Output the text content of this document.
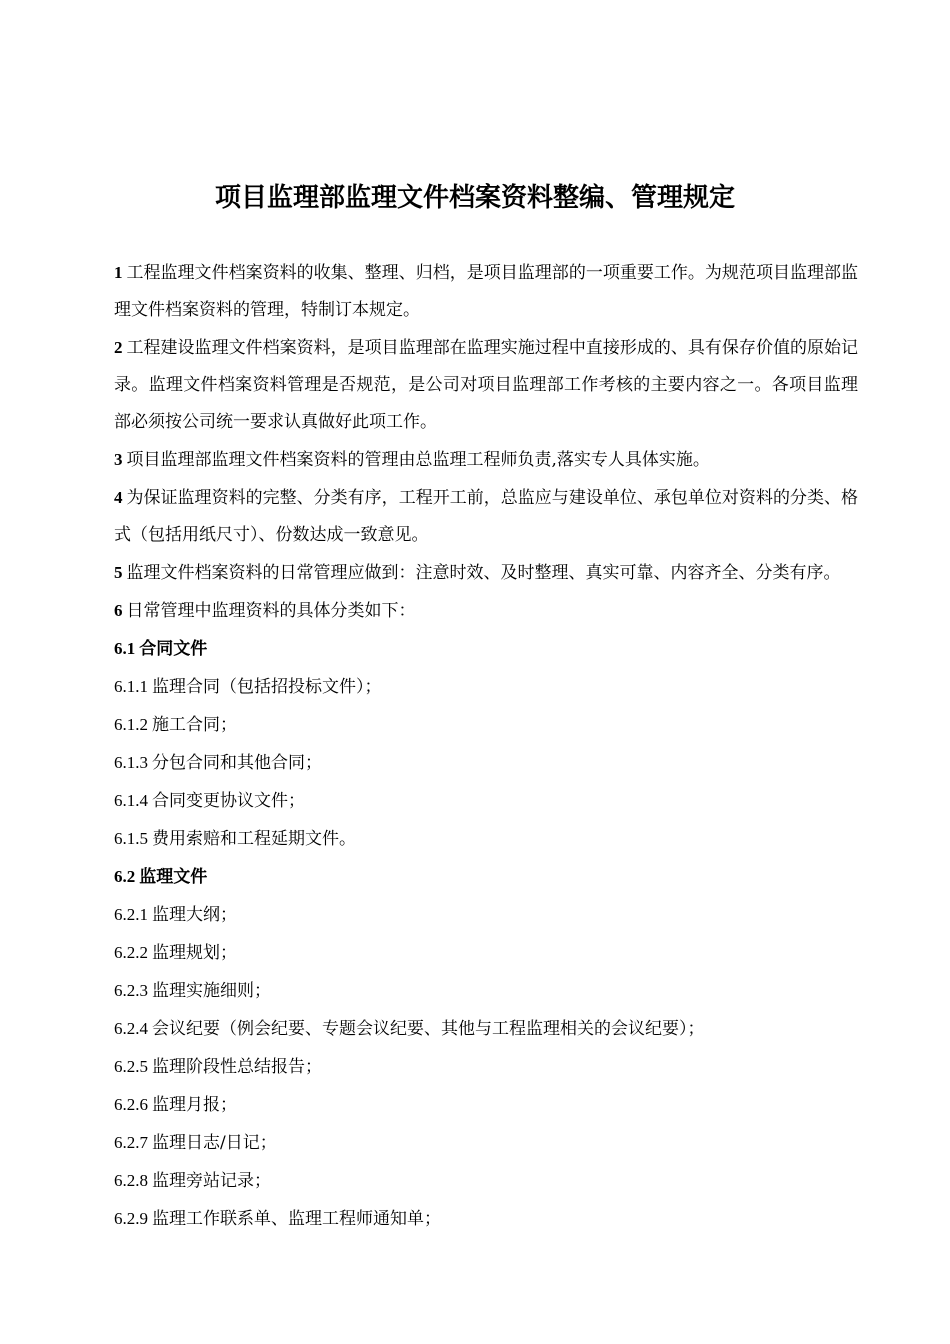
项目监理部监理文件档案资料整编、管理规定

1 工程监理文件档案资料的收集、整理、归档，是项目监理部的一项重要工作。为规范项目监理部监理文件档案资料的管理，特制订本规定。

2 工程建设监理文件档案资料，是项目监理部在监理实施过程中直接形成的、具有保存价值的原始记录。监理文件档案资料管理是否规范，是公司对项目监理部工作考核的主要内容之一。各项目监理部必须按公司统一要求认真做好此项工作。

3 项目监理部监理文件档案资料的管理由总监理工程师负责,落实专人具体实施。

4 为保证监理资料的完整、分类有序，工程开工前，总监应与建设单位、承包单位对资料的分类、格式（包括用纸尺寸）、份数达成一致意见。

5 监理文件档案资料的日常管理应做到：注意时效、及时整理、真实可靠、内容齐全、分类有序。

6 日常管理中监理资料的具体分类如下：

6.1 合同文件

6.1.1 监理合同（包括招投标文件）；

6.1.2 施工合同；

6.1.3 分包合同和其他合同；

6.1.4 合同变更协议文件；

6.1.5 费用索赔和工程延期文件。

6.2 监理文件

6.2.1 监理大纲；

6.2.2 监理规划；

6.2.3 监理实施细则；

6.2.4 会议纪要（例会纪要、专题会议纪要、其他与工程监理相关的会议纪要）；

6.2.5 监理阶段性总结报告；

6.2.6 监理月报；

6.2.7 监理日志/日记；

6.2.8 监理旁站记录；

6.2.9 监理工作联系单、监理工程师通知单；
